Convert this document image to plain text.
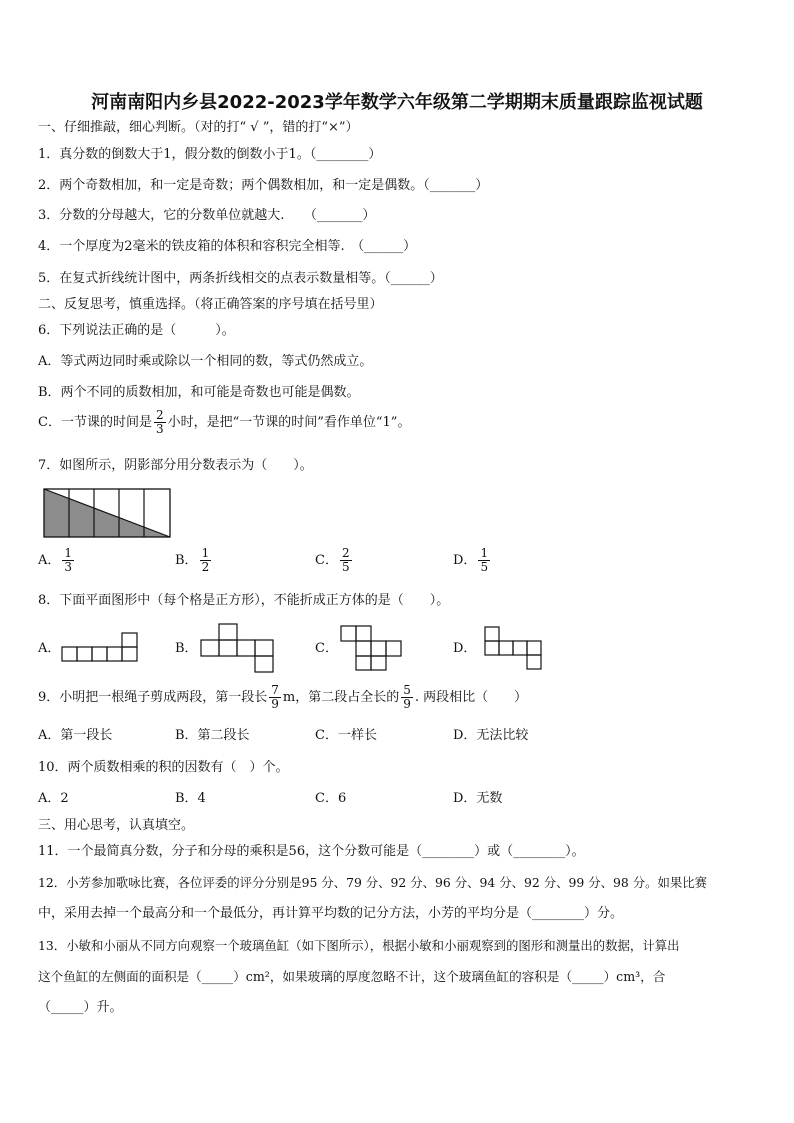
河南南阳内乡县2022-2023学年数学六年级第二学期期末质量跟踪监视试题
一、仔细推敲，细心判断。（对的打“ √ ”，错的打“×”）
1．真分数的倒数大于1，假分数的倒数小于1。（________）
2．两个奇数相加，和一定是奇数；两个偶数相加，和一定是偶数。（_______）
3．分数的分母越大，它的分数单位就越大.　　（_______）
4．一个厚度为2毫米的铁皮箱的体积和容积完全相等.　（______）
5．在复式折线统计图中，两条折线相交的点表示数量相等。（______）
二、反复思考，慎重选择。（将正确答案的序号填在括号里）
6．下列说法正确的是（　　　）。
A．等式两边同时乘或除以一个相同的数，等式仍然成立。
B．两个不同的质数相加，和可能是奇数也可能是偶数。
C．一节课的时间是 $\frac{2}{3}$ 小时，是把“一节课的时间”看作单位“1”。
7．如图所示，阴影部分用分数表示为（　　）。
A． $\frac{1}{3}$	B． $\frac{1}{2}$	C． $\frac{2}{5}$	D． $\frac{1}{5}$
8．下面平面图形中（每个格是正方形），不能折成正方体的是（　　）。
A．	B．	C．	D．
9．小明把一根绳子剪成两段，第一段长 $\frac{7}{9}$ m，第二段占全长的 $\frac{5}{9}$ . 两段相比（　　）
A．第一段长	B．第二段长	C．一样长	D．无法比较
10．两个质数相乘的积的因数有（　）个。
A．2	B．4	C．6	D．无数
三、用心思考，认真填空。
11．一个最简真分数，分子和分母的乘积是56，这个分数可能是（________）或（________）。
12．小芳参加歌咏比赛，各位评委的评分分别是95 分、79 分、92 分、96 分、94 分、92 分、99 分、98 分。如果比赛
中，采用去掉一个最高分和一个最低分，再计算平均数的记分方法，小芳的平均分是（________）分。
13．小敏和小丽从不同方向观察一个玻璃鱼缸（如下图所示），根据小敏和小丽观察到的图形和测量出的数据，计算出
这个鱼缸的左侧面的面积是（_____）cm²，如果玻璃的厚度忽略不计，这个玻璃鱼缸的容积是（_____）cm³，合
（_____）升。
